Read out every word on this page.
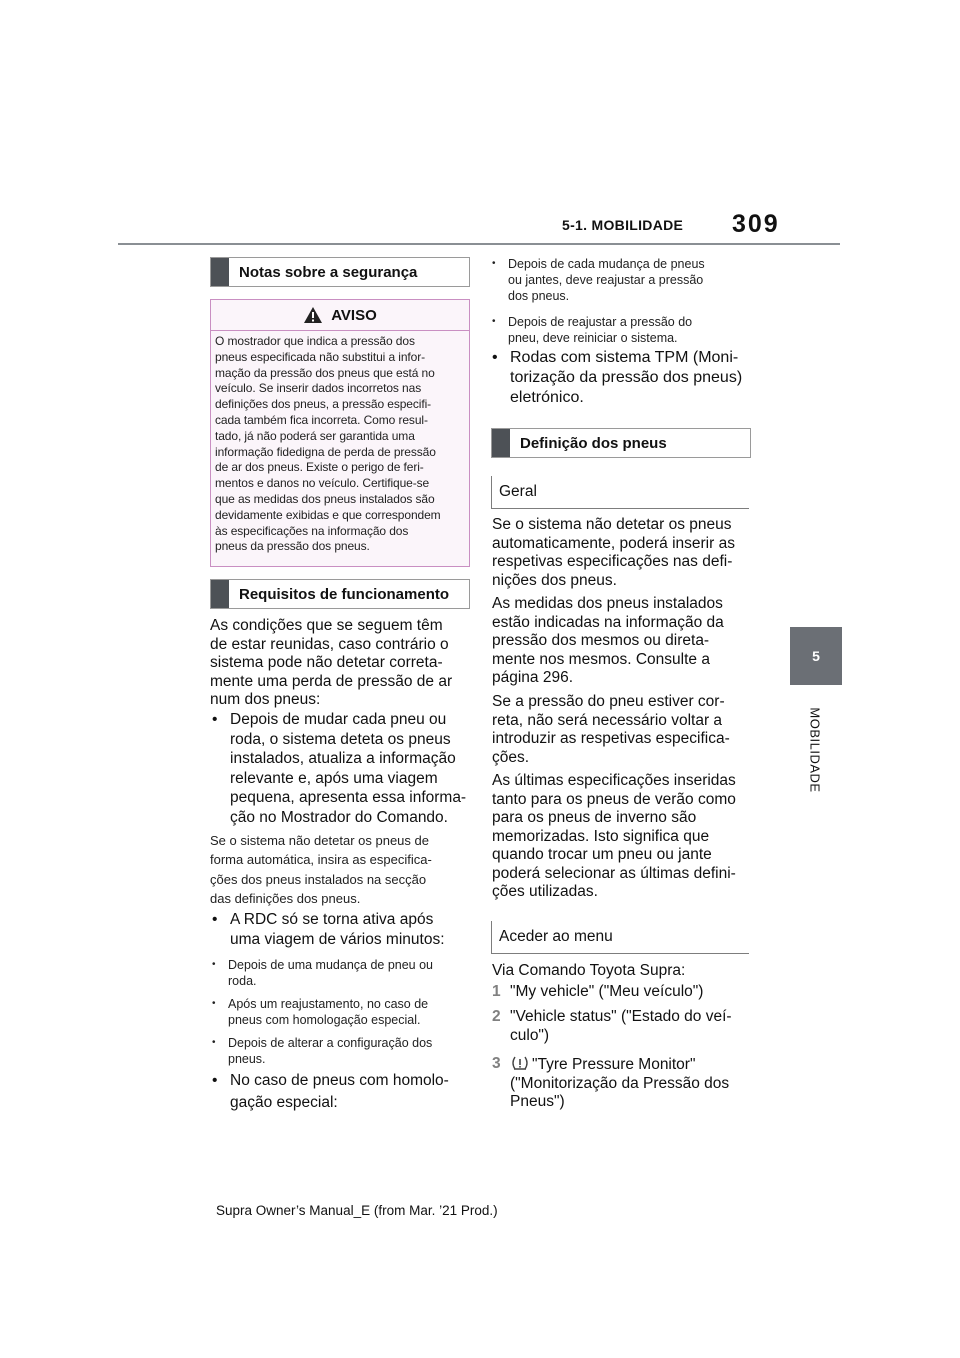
5-1. MOBILIDADE 309
5
MOBILIDADE
Notas sobre a segurança
AVISO
O mostrador que indica a pressão dos
pneus especificada não substitui a infor-
mação da pressão dos pneus que está no
veículo. Se inserir dados incorretos nas
definições dos pneus, a pressão especifi-
cada também fica incorreta. Como resul-
tado, já não poderá ser garantida uma
informação fidedigna de perda de pressão
de ar dos pneus. Existe o perigo de feri-
mentos e danos no veículo. Certifique-se
que as medidas dos pneus instalados são
devidamente exibidas e que correspondem
às especificações na informação dos
pneus da pressão dos pneus.
Requisitos de funcionamento
As condições que se seguem têm
de estar reunidas, caso contrário o
sistema pode não detetar correta-
mente uma perda de pressão de ar
num dos pneus:
• Depois de mudar cada pneu ou
roda, o sistema deteta os pneus
instalados, atualiza a informação
relevante e, após uma viagem
pequena, apresenta essa informa-
ção no Mostrador do Comando.
Se o sistema não detetar os pneus de
forma automática, insira as especifica-
ções dos pneus instalados na secção
das definições dos pneus.
• A RDC só se torna ativa após
uma viagem de vários minutos:
• Depois de uma mudança de pneu ou
roda.
• Após um reajustamento, no caso de
pneus com homologação especial.
• Depois de alterar a configuração dos
pneus.
• No caso de pneus com homolo-
gação especial:
• Depois de cada mudança de pneus
ou jantes, deve reajustar a pressão
dos pneus.
• Depois de reajustar a pressão do
pneu, deve reiniciar o sistema.
• Rodas com sistema TPM (Moni-
torização da pressão dos pneus)
eletrónico.
Definição dos pneus
Geral
Se o sistema não detetar os pneus
automaticamente, poderá inserir as
respetivas especificações nas defi-
nições dos pneus.
As medidas dos pneus instalados
estão indicadas na informação da
pressão dos mesmos ou direta-
mente nos mesmos. Consulte a
página 296.
Se a pressão do pneu estiver cor-
reta, não será necessário voltar a
introduzir as respetivas especifica-
ções.
As últimas especificações inseridas
tanto para os pneus de verão como
para os pneus de inverno são
memorizadas. Isto significa que
quando trocar um pneu ou jante
poderá selecionar as últimas defini-
ções utilizadas.
Aceder ao menu
Via Comando Toyota Supra:
1 "My vehicle" ("Meu veículo")
2 "Vehicle status" ("Estado do veí-
culo")
3	"Tyre Pressure Monitor"
("Monitorização da Pressão dos
Pneus")
Supra Owner’s Manual_E (from Mar. ’21 Prod.)
